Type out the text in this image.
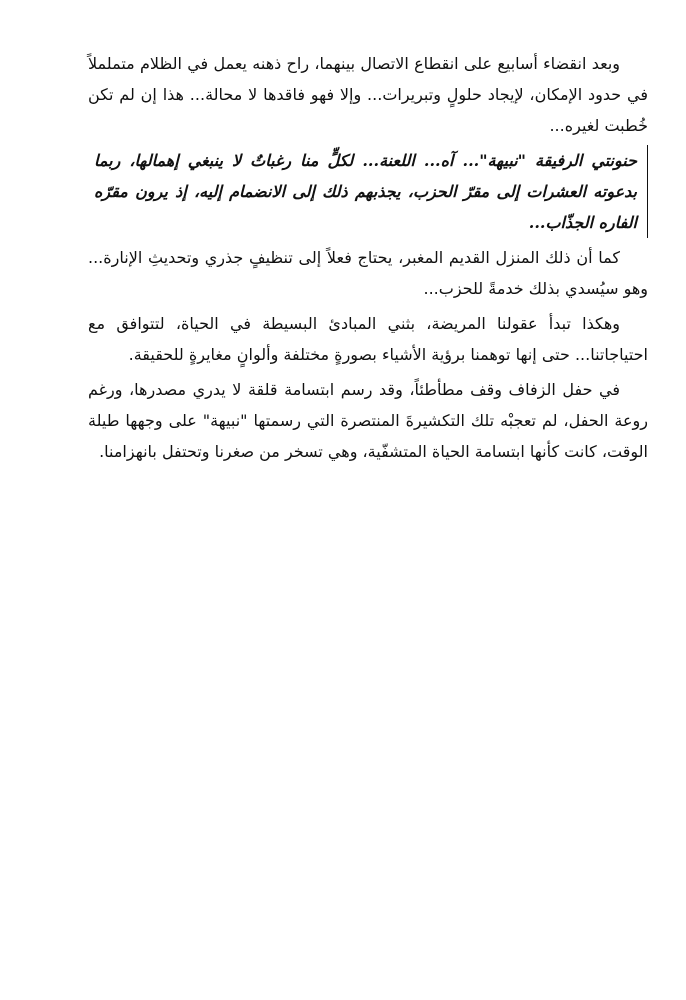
وبعد انقضاء أسابيع على انقطاع الاتصال بينهما، راح ذهنه يعمل في الظلام متململاً في حدود الإمكان، لإيجاد حلولٍ وتبريرات... وإلا فهو فاقدها لا محالة... هذا إن لم تكن خُطبت لغيره...

حنونتي الرفيقة "نبيهة"... آه... اللعنة... لكلٍّ منا رغباتٌ لا ينبغي إهمالها، ربما بدعوته العشرات إلى مقرّ الحزب، يجذبهم ذلك إلى الانضمام إليه، إذ يرون مقرّه الفاره الجذّاب...

كما أن ذلك المنزل القديم المغبر، يحتاج فعلاً إلى تنظيفٍ جذري وتحديثِ الإنارة... وهو سيُسدي بذلك خدمةً للحزب...

وهكذا تبدأ عقولنا المريضة، بثني المبادئ البسيطة في الحياة، لتتوافق مع احتياجاتنا... حتى إنها توهمنا برؤية الأشياء بصورةٍ مختلفة وألوانٍ مغايرةٍ للحقيقة.

في حفل الزفاف وقف مطأطئاً، وقد رسم ابتسامة قلقة لا يدري مصدرها، ورغم روعة الحفل، لم تعجبْه تلك التكشيرةَ المنتصرة التي رسمتها "نبيهة" على وجهها طيلة الوقت، كانت كأنها ابتسامة الحياة المتشفّية، وهي تسخر من صغرنا وتحتفل بانهزامنا.
